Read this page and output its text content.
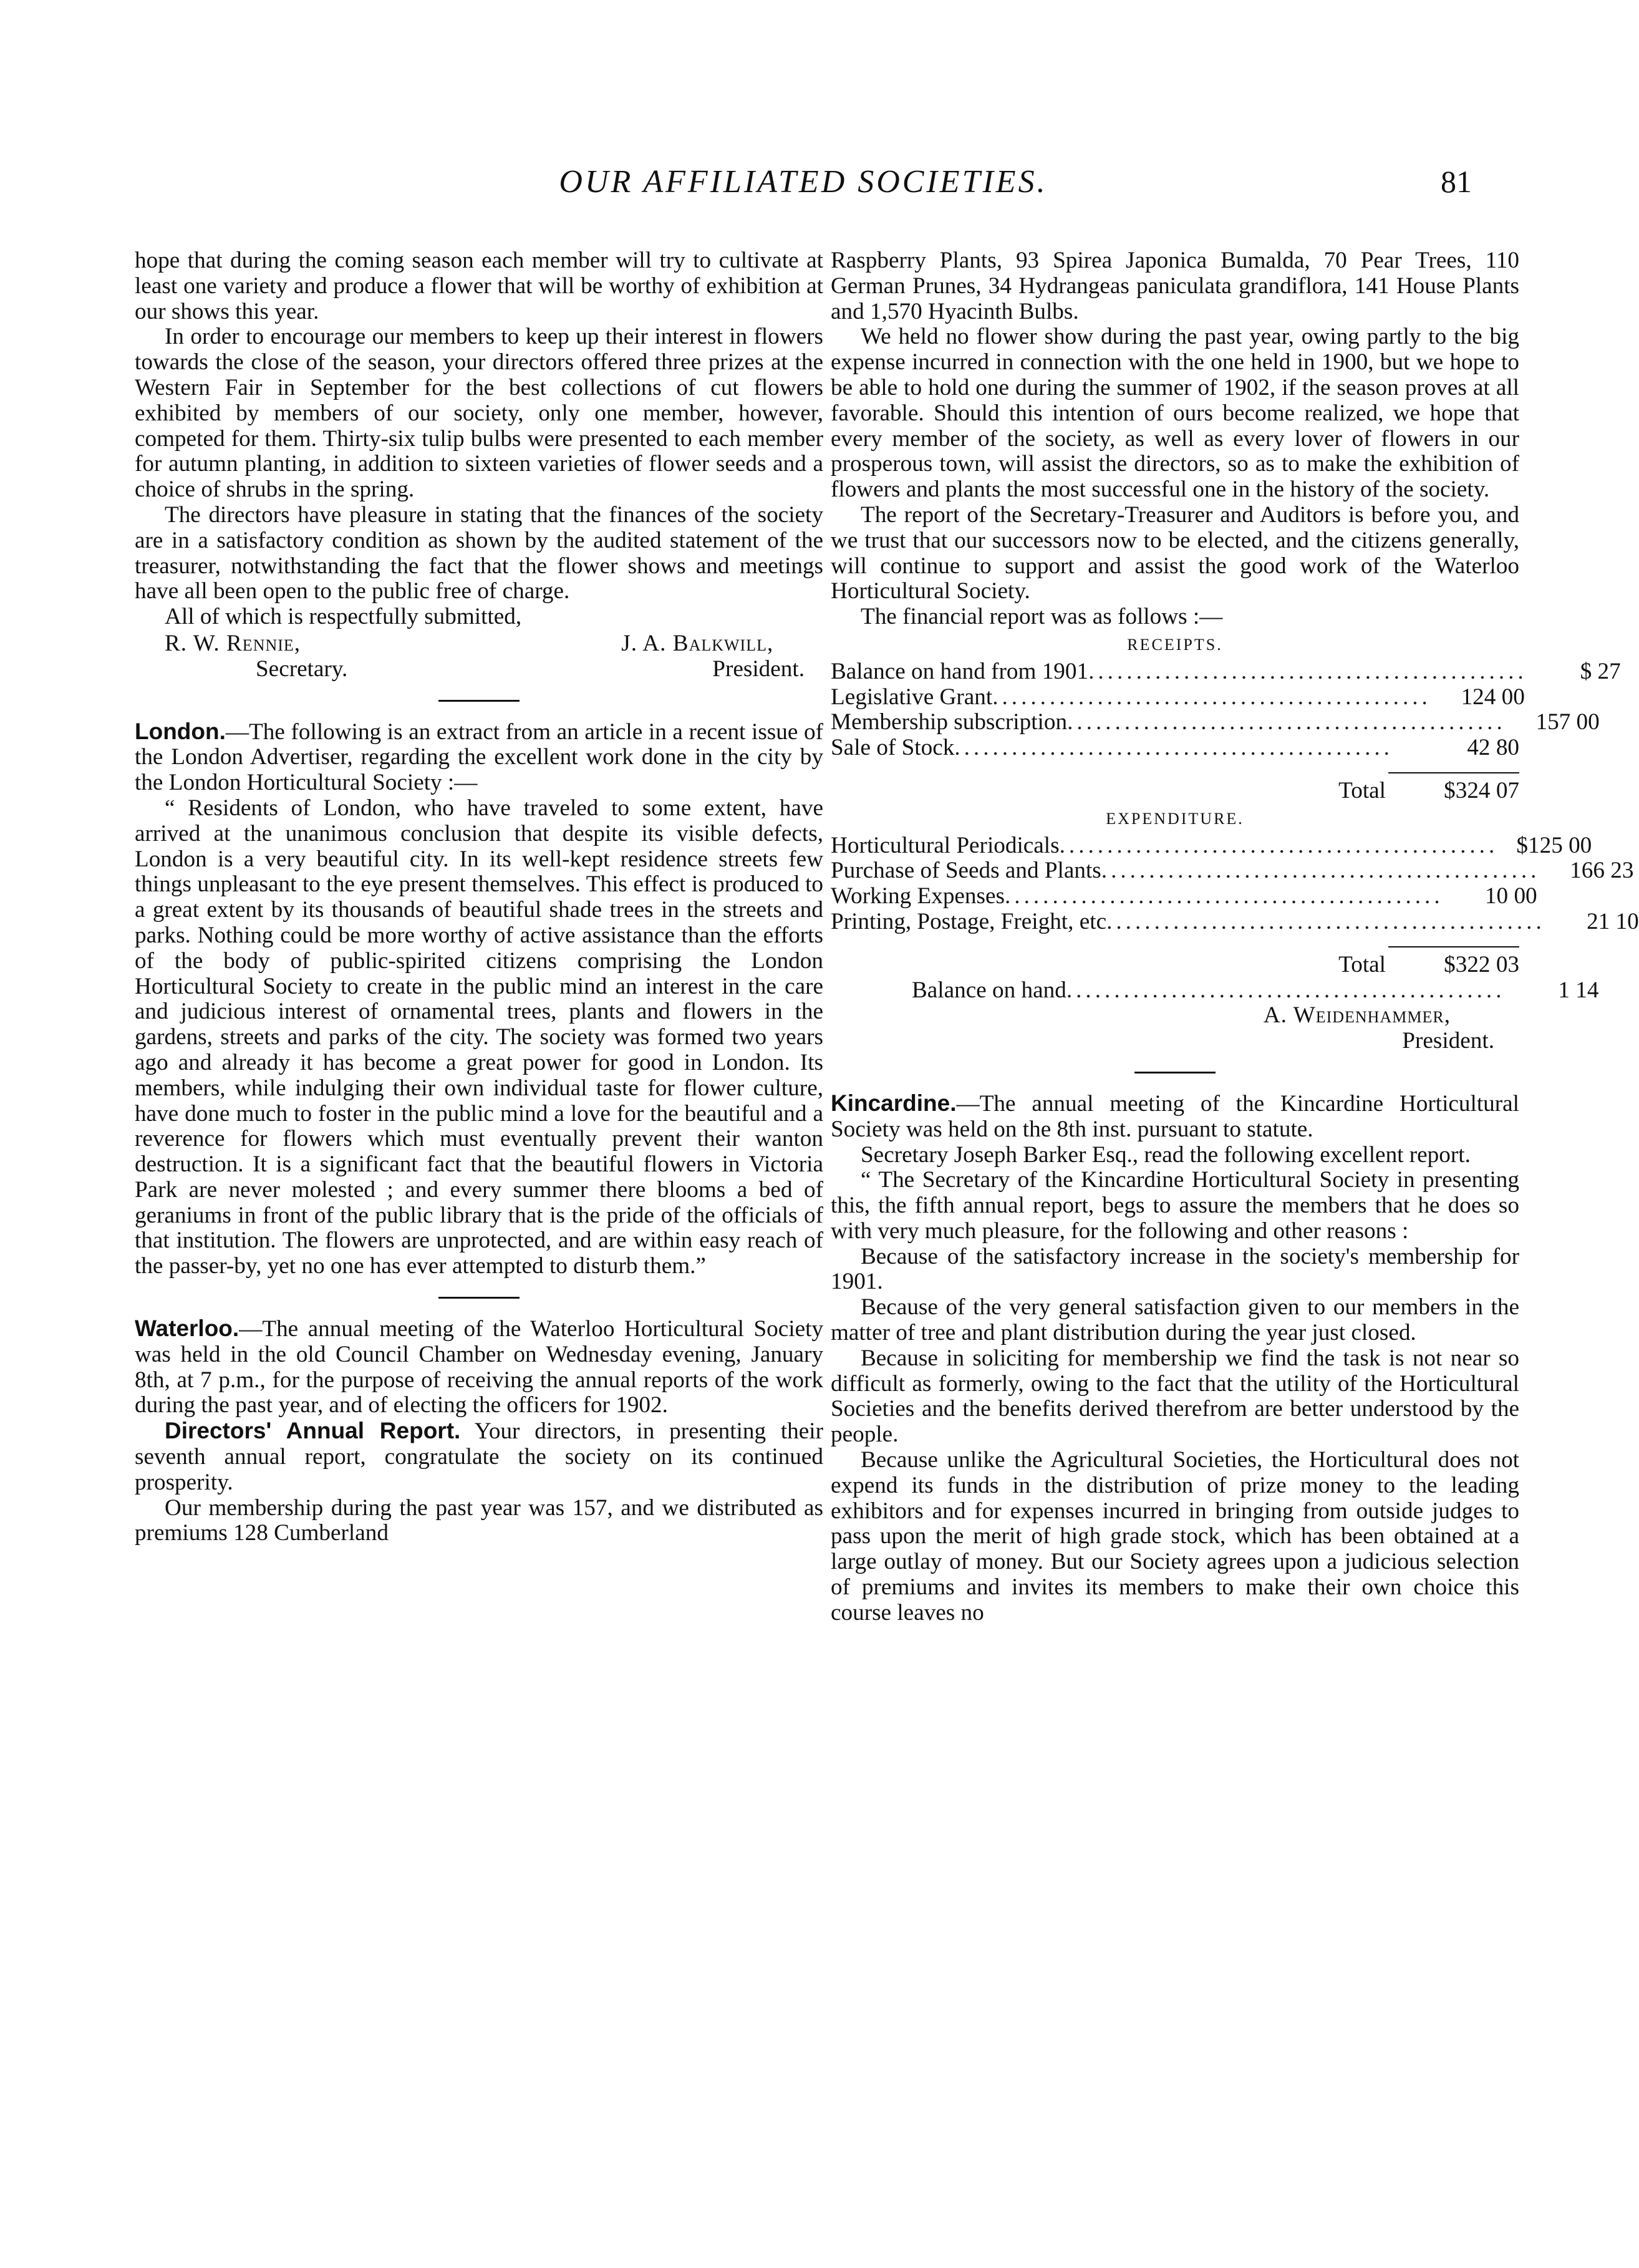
OUR AFFILIATED SOCIETIES.	81

hope that during the coming season each member will try to cultivate at least one variety and produce a flower that will be worthy of exhibition at our shows this year.

In order to encourage our members to keep up their interest in flowers towards the close of the season, your directors offered three prizes at the Western Fair in September for the best collections of cut flowers exhibited by members of our society, only one member, however, competed for them. Thirty-six tulip bulbs were presented to each member for autumn planting, in addition to sixteen varieties of flower seeds and a choice of shrubs in the spring.

The directors have pleasure in stating that the finances of the society are in a satisfactory condition as shown by the audited statement of the treasurer, notwithstanding the fact that the flower shows and meetings have all been open to the public free of charge.

All of which is respectfully submitted,

R. W. Rennie,
Secretary.
J. A. Balkwill,
President.

London.—The following is an extract from an article in a recent issue of the London Advertiser, regarding the excellent work done in the city by the London Horticultural Society :—

“ Residents of London, who have traveled to some extent, have arrived at the unanimous conclusion that despite its visible defects, London is a very beautiful city. In its well-kept residence streets few things unpleasant to the eye present themselves. This effect is produced to a great extent by its thousands of beautiful shade trees in the streets and parks. Nothing could be more worthy of active assistance than the efforts of the body of public-spirited citizens comprising the London Horticultural Society to create in the public mind an interest in the care and judicious interest of ornamental trees, plants and flowers in the gardens, streets and parks of the city. The society was formed two years ago and already it has become a great power for good in London. Its members, while indulging their own individual taste for flower culture, have done much to foster in the public mind a love for the beautiful and a reverence for flowers which must eventually prevent their wanton destruction. It is a significant fact that the beautiful flowers in Victoria Park are never molested ; and every summer there blooms a bed of geraniums in front of the public library that is the pride of the officials of that institution. The flowers are unprotected, and are within easy reach of the passer-by, yet no one has ever attempted to disturb them.”

Waterloo.—The annual meeting of the Waterloo Horticultural Society was held in the old Council Chamber on Wednesday evening, January 8th, at 7 p.m., for the purpose of receiving the annual reports of the work during the past year, and of electing the officers for 1902.

Directors' Annual Report. Your directors, in presenting their seventh annual report, congratulate the society on its continued prosperity.

Our membership during the past year was 157, and we distributed as premiums 128 Cumberland

Raspberry Plants, 93 Spirea Japonica Bumalda, 70 Pear Trees, 110 German Prunes, 34 Hydrangeas paniculata grandiflora, 141 House Plants and 1,570 Hyacinth Bulbs.

We held no flower show during the past year, owing partly to the big expense incurred in connection with the one held in 1900, but we hope to be able to hold one during the summer of 1902, if the season proves at all favorable. Should this intention of ours become realized, we hope that every member of the society, as well as every lover of flowers in our prosperous town, will assist the directors, so as to make the exhibition of flowers and plants the most successful one in the history of the society.

The report of the Secretary-Treasurer and Auditors is before you, and we trust that our successors now to be elected, and the citizens generally, will continue to support and assist the good work of the Waterloo Horticultural Society.

The financial report was as follows :—

RECEIPTS.
Balance on hand from 1901 ..............................................	$ 27
Legislative Grant ..............................................	124 00
Membership subscription ..............................................	157 00
Sale of Stock ..............................................	42 80
Total	$324 07
EXPENDITURE.
Horticultural Periodicals .............................................. $125 00
Purchase of Seeds and Plants ..............................................	166 23
Working Expenses ..............................................	10 00
Printing, Postage, Freight, etc ..............................................	21 10
Total	$322 03
Balance on hand ..............................................	1 14
A. Weidenhammer,
President.

Kincardine.—The annual meeting of the Kincardine Horticultural Society was held on the 8th inst. pursuant to statute.

Secretary Joseph Barker Esq., read the following excellent report.

“ The Secretary of the Kincardine Horticultural Society in presenting this, the fifth annual report, begs to assure the members that he does so with very much pleasure, for the following and other reasons :

Because of the satisfactory increase in the society's membership for 1901.

Because of the very general satisfaction given to our members in the matter of tree and plant distribution during the year just closed.

Because in soliciting for membership we find the task is not near so difficult as formerly, owing to the fact that the utility of the Horticultural Societies and the benefits derived therefrom are better understood by the people.

Because unlike the Agricultural Societies, the Horticultural does not expend its funds in the distribution of prize money to the leading exhibitors and for expenses incurred in bringing from outside judges to pass upon the merit of high grade stock, which has been obtained at a large outlay of money. But our Society agrees upon a judicious selection of premiums and invites its members to make their own choice this course leaves no
